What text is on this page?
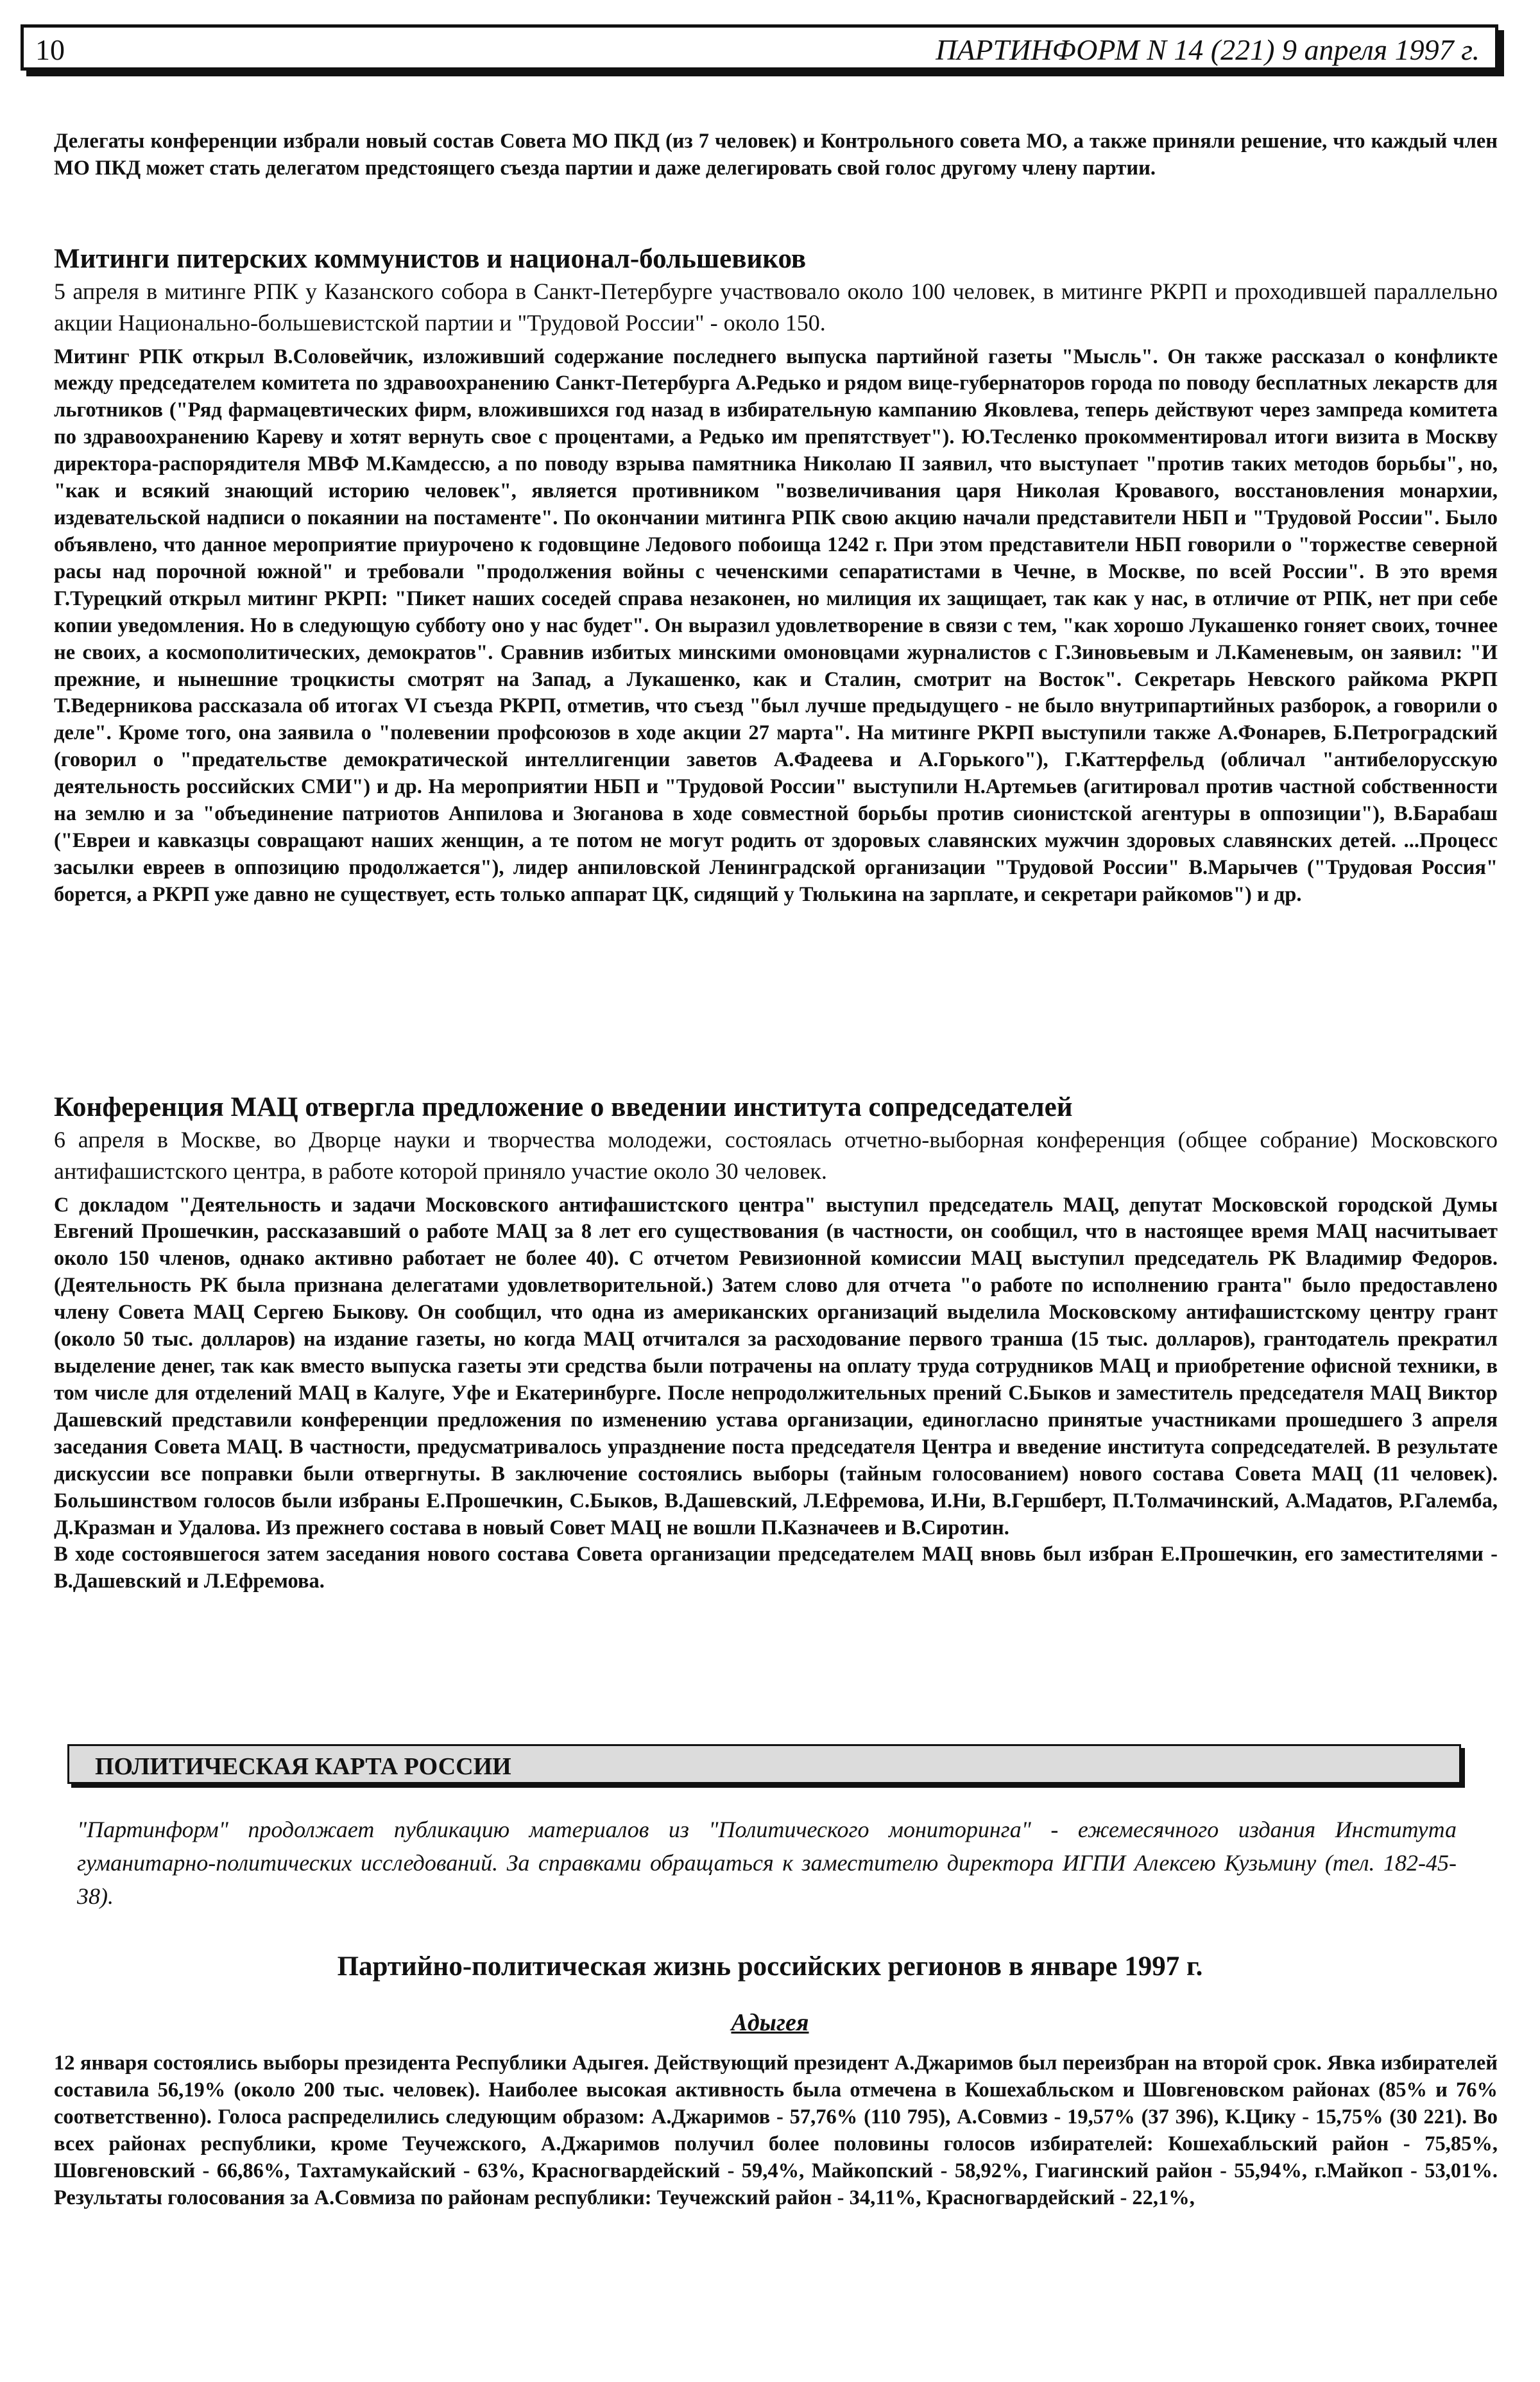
10	ПАРТИНФОРМ N 14 (221) 9 апреля 1997 г.

Делегаты конференции избрали новый состав Совета МО ПКД (из 7 человек) и Контрольного совета МО, а также приняли решение, что каждый член МО ПКД может стать делегатом предстоящего съезда партии и даже делегировать свой голос другому члену партии.

Митинги питерских коммунистов и национал-большевиков

5 апреля в митинге РПК у Казанского собора в Санкт-Петербурге участвовало около 100 человек, в митинге РКРП и проходившей параллельно акции Национально-большевистской партии и "Трудовой России" - около 150.

Митинг РПК открыл В.Соловейчик, изложивший содержание последнего выпуска партийной газеты "Мысль". Он также рассказал о конфликте между председателем комитета по здравоохранению Санкт-Петербурга А.Редько и рядом вице-губернаторов города по поводу бесплатных лекарств для льготников ("Ряд фармацевтических фирм, вложившихся год назад в избирательную кампанию Яковлева, теперь действуют через зампреда комитета по здравоохранению Кареву и хотят вернуть свое с процентами, а Редько им препятствует"). Ю.Тесленко прокомментировал итоги визита в Москву директора-распорядителя МВФ М.Камдессю, а по поводу взрыва памятника Николаю II заявил, что выступает "против таких методов борьбы", но, "как и всякий знающий историю человек", является противником "возвеличивания царя Николая Кровавого, восстановления монархии, издевательской надписи о покаянии на постаменте". По окончании митинга РПК свою акцию начали представители НБП и "Трудовой России". Было объявлено, что данное мероприятие приурочено к годовщине Ледового побоища 1242 г. При этом представители НБП говорили о "торжестве северной расы над порочной южной" и требовали "продолжения войны с чеченскими сепаратистами в Чечне, в Москве, по всей России". В это время Г.Турецкий открыл митинг РКРП: "Пикет наших соседей справа незаконен, но милиция их защищает, так как у нас, в отличие от РПК, нет при себе копии уведомления. Но в следующую субботу оно у нас будет". Он выразил удовлетворение в связи с тем, "как хорошо Лукашенко гоняет своих, точнее не своих, а космополитических, демократов". Сравнив избитых минскими омоновцами журналистов с Г.Зиновьевым и Л.Каменевым, он заявил: "И прежние, и нынешние троцкисты смотрят на Запад, а Лукашенко, как и Сталин, смотрит на Восток". Секретарь Невского райкома РКРП Т.Ведерникова рассказала об итогах VI съезда РКРП, отметив, что съезд "был лучше предыдущего - не было внутрипартийных разборок, а говорили о деле". Кроме того, она заявила о "полевении профсоюзов в ходе акции 27 марта". На митинге РКРП выступили также А.Фонарев, Б.Петроградский (говорил о "предательстве демократической интеллигенции заветов А.Фадеева и А.Горького"), Г.Каттерфельд (обличал "антибелорусскую деятельность российских СМИ") и др. На мероприятии НБП и "Трудовой России" выступили Н.Артемьев (агитировал против частной собственности на землю и за "объединение патриотов Анпилова и Зюганова в ходе совместной борьбы против сионистской агентуры в оппозиции"), В.Барабаш ("Евреи и кавказцы совращают наших женщин, а те потом не могут родить от здоровых славянских мужчин здоровых славянских детей. ...Процесс засылки евреев в оппозицию продолжается"), лидер анпиловской Ленинградской организации "Трудовой России" В.Марычев ("Трудовая Россия" борется, а РКРП уже давно не существует, есть только аппарат ЦК, сидящий у Тюлькина на зарплате, и секретари райкомов") и др.

Конференция МАЦ отвергла предложение о введении института сопредседателей

6 апреля в Москве, во Дворце науки и творчества молодежи, состоялась отчетно-выборная конференция (общее собрание) Московского антифашистского центра, в работе которой приняло участие около 30 человек.

С докладом "Деятельность и задачи Московского антифашистского центра" выступил председатель МАЦ, депутат Московской городской Думы Евгений Прошечкин, рассказавший о работе МАЦ за 8 лет его существования (в частности, он сообщил, что в настоящее время МАЦ насчитывает около 150 членов, однако активно работает не более 40). С отчетом Ревизионной комиссии МАЦ выступил председатель РК Владимир Федоров. (Деятельность РК была признана делегатами удовлетворительной.) Затем слово для отчета "о работе по исполнению гранта" было предоставлено члену Совета МАЦ Сергею Быкову. Он сообщил, что одна из американских организаций выделила Московскому антифашистскому центру грант (около 50 тыс. долларов) на издание газеты, но когда МАЦ отчитался за расходование первого транша (15 тыс. долларов), грантодатель прекратил выделение денег, так как вместо выпуска газеты эти средства были потрачены на оплату труда сотрудников МАЦ и приобретение офисной техники, в том числе для отделений МАЦ в Калуге, Уфе и Екатеринбурге. После непродолжительных прений С.Быков и заместитель председателя МАЦ Виктор Дашевский представили конференции предложения по изменению устава организации, единогласно принятые участниками прошедшего 3 апреля заседания Совета МАЦ. В частности, предусматривалось упразднение поста председателя Центра и введение института сопредседателей. В результате дискуссии все поправки были отвергнуты. В заключение состоялись выборы (тайным голосованием) нового состава Совета МАЦ (11 человек). Большинством голосов были избраны Е.Прошечкин, С.Быков, В.Дашевский, Л.Ефремова, И.Ни, В.Гершберт, П.Толмачинский, А.Мадатов, Р.Галемба, Д.Кразман и Удалова. Из прежнего состава в новый Совет МАЦ не вошли П.Казначеев и В.Сиротин.

В ходе состоявшегося затем заседания нового состава Совета организации председателем МАЦ вновь был избран Е.Прошечкин, его заместителями - В.Дашевский и Л.Ефремова.

ПОЛИТИЧЕСКАЯ КАРТА РОССИИ

"Партинформ" продолжает публикацию материалов из "Политического мониторинга" - ежемесячного издания Института гуманитарно-политических исследований. За справками обращаться к заместителю директора ИГПИ Алексею Кузьмину (тел. 182-45-38).

Партийно-политическая жизнь российских регионов в январе 1997 г.

Адыгея

12 января состоялись выборы президента Республики Адыгея. Действующий президент А.Джаримов был переизбран на второй срок. Явка избирателей составила 56,19% (около 200 тыс. человек). Наиболее высокая активность была отмечена в Кошехабльском и Шовгеновском районах (85% и 76% соответственно). Голоса распределились следующим образом: А.Джаримов - 57,76% (110 795), А.Совмиз - 19,57% (37 396), К.Цику - 15,75% (30 221). Во всех районах республики, кроме Теучежского, А.Джаримов получил более половины голосов избирателей: Кошехабльский район - 75,85%, Шовгеновский - 66,86%, Тахтамукайский - 63%, Красногвардейский - 59,4%, Майкопский - 58,92%, Гиагинский район - 55,94%, г.Майкоп - 53,01%. Результаты голосования за А.Совмиза по районам республики: Теучежский район - 34,11%, Красногвардейский - 22,1%,
